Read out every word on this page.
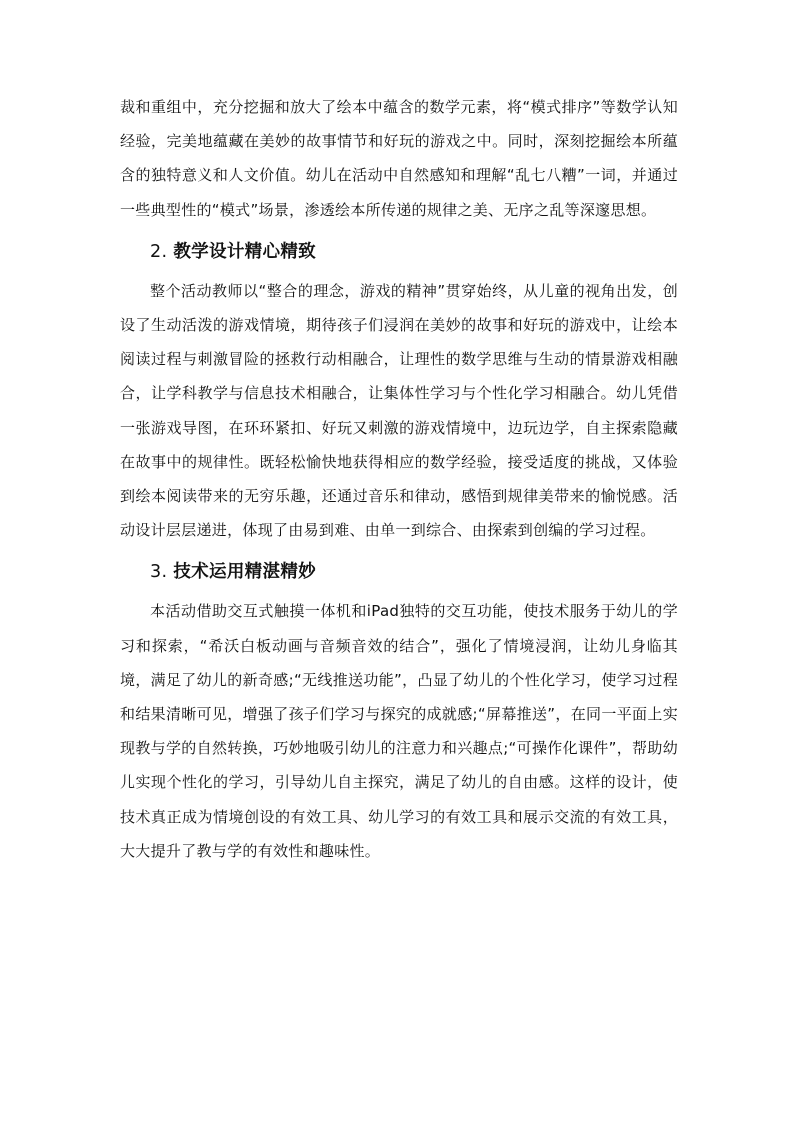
裁和重组中，充分挖掘和放大了绘本中蕴含的数学元素，将“模式排序”等数学认知经验，完美地蕴藏在美妙的故事情节和好玩的游戏之中。同时，深刻挖掘绘本所蕴含的独特意义和人文价值。幼儿在活动中自然感知和理解“乱七八糟”一词，并通过一些典型性的“模式”场景，渗透绘本所传递的规律之美、无序之乱等深邃思想。

2. 教学设计精心精致

整个活动教师以“整合的理念，游戏的精神”贯穿始终，从儿童的视角出发，创设了生动活泼的游戏情境，期待孩子们浸润在美妙的故事和好玩的游戏中，让绘本阅读过程与刺激冒险的拯救行动相融合，让理性的数学思维与生动的情景游戏相融合，让学科教学与信息技术相融合，让集体性学习与个性化学习相融合。幼儿凭借一张游戏导图，在环环紧扣、好玩又刺激的游戏情境中，边玩边学，自主探索隐藏在故事中的规律性。既轻松愉快地获得相应的数学经验，接受适度的挑战，又体验到绘本阅读带来的无穷乐趣，还通过音乐和律动，感悟到规律美带来的愉悦感。活动设计层层递进，体现了由易到难、由单一到综合、由探索到创编的学习过程。

3. 技术运用精湛精妙

本活动借助交互式触摸一体机和iPad独特的交互功能，使技术服务于幼儿的学习和探索，“希沃白板动画与音频音效的结合”，强化了情境浸润，让幼儿身临其境，满足了幼儿的新奇感;“无线推送功能”，凸显了幼儿的个性化学习，使学习过程和结果清晰可见，增强了孩子们学习与探究的成就感;“屏幕推送”，在同一平面上实现教与学的自然转换，巧妙地吸引幼儿的注意力和兴趣点;“可操作化课件”，帮助幼儿实现个性化的学习，引导幼儿自主探究，满足了幼儿的自由感。这样的设计，使技术真正成为情境创设的有效工具、幼儿学习的有效工具和展示交流的有效工具，大大提升了教与学的有效性和趣味性。
